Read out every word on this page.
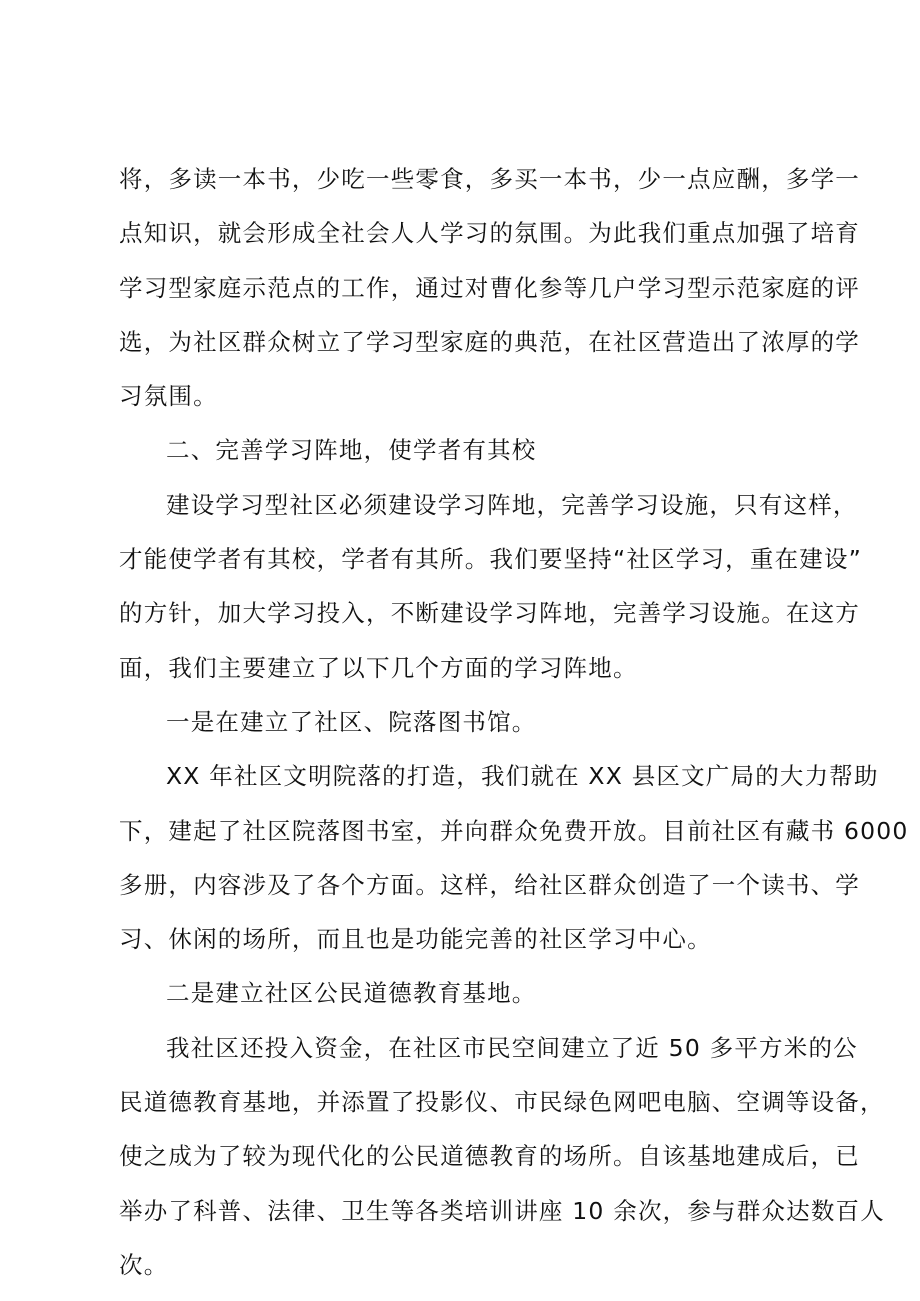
将，多读一本书，少吃一些零食，多买一本书，少一点应酬，多学一
点知识，就会形成全社会人人学习的氛围。为此我们重点加强了培育
学习型家庭示范点的工作，通过对曹化参等几户学习型示范家庭的评
选，为社区群众树立了学习型家庭的典范，在社区营造出了浓厚的学
习氛围。
二、完善学习阵地，使学者有其校
建设学习型社区必须建设学习阵地，完善学习设施，只有这样，
才能使学者有其校，学者有其所。我们要坚持“社区学习，重在建设”
的方针，加大学习投入，不断建设学习阵地，完善学习设施。在这方
面，我们主要建立了以下几个方面的学习阵地。
一是在建立了社区、院落图书馆。
XX 年社区文明院落的打造，我们就在 XX 县区文广局的大力帮助
下，建起了社区院落图书室，并向群众免费开放。目前社区有藏书 6000
多册，内容涉及了各个方面。这样，给社区群众创造了一个读书、学
习、休闲的场所，而且也是功能完善的社区学习中心。
二是建立社区公民道德教育基地。
我社区还投入资金，在社区市民空间建立了近 50 多平方米的公
民道德教育基地，并添置了投影仪、市民绿色网吧电脑、空调等设备，
使之成为了较为现代化的公民道德教育的场所。自该基地建成后，已
举办了科普、法律、卫生等各类培训讲座 10 余次，参与群众达数百人
次。
